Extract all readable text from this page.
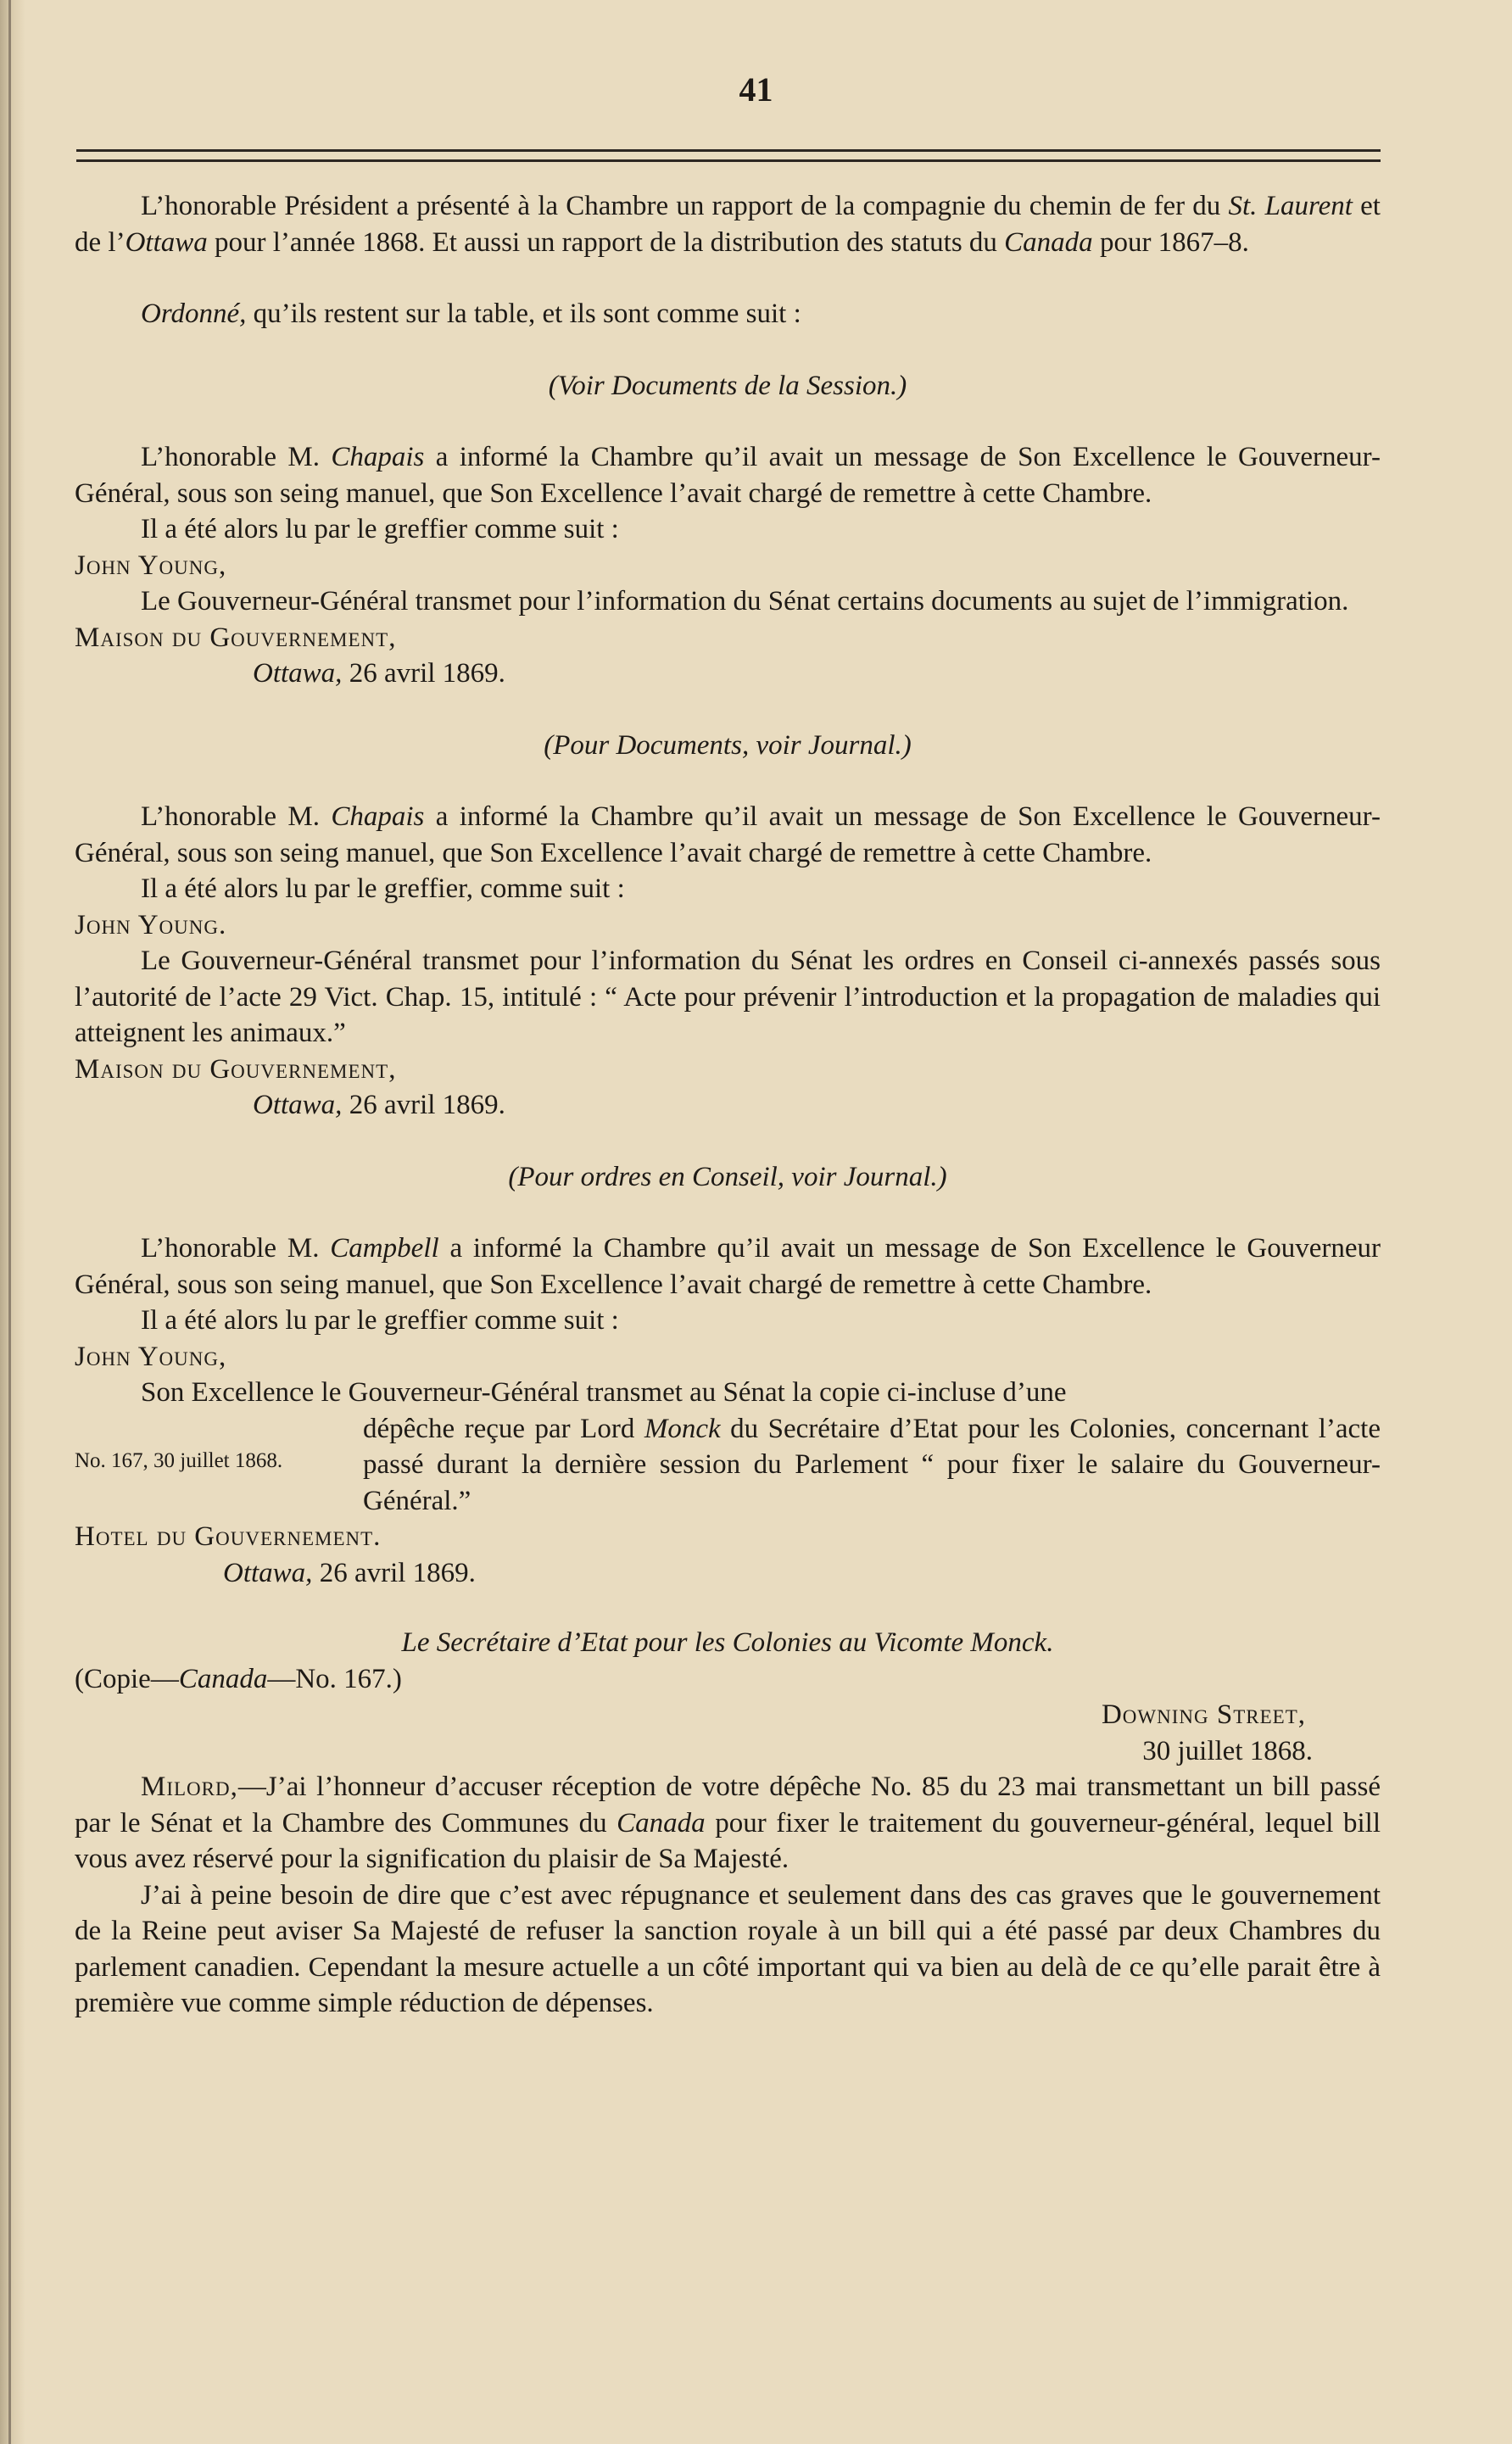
41

L’honorable Président a présenté à la Chambre un rapport de la compagnie du chemin de fer du St. Laurent et de l’Ottawa pour l’année 1868. Et aussi un rapport de la distribution des statuts du Canada pour 1867–8.

Ordonné, qu’ils restent sur la table, et ils sont comme suit :

(Voir Documents de la Session.)

L’honorable M. Chapais a informé la Chambre qu’il avait un message de Son Excellence le Gouverneur-Général, sous son seing manuel, que Son Excellence l’avait chargé de remettre à cette Chambre.

Il a été alors lu par le greffier comme suit :

John Young,

Le Gouverneur-Général transmet pour l’information du Sénat certains documents au sujet de l’immigration.

Maison du Gouvernement,

Ottawa, 26 avril 1869.

(Pour Documents, voir Journal.)

L’honorable M. Chapais a informé la Chambre qu’il avait un message de Son Excellence le Gouverneur-Général, sous son seing manuel, que Son Excellence l’avait chargé de remettre à cette Chambre.

Il a été alors lu par le greffier, comme suit :

John Young.

Le Gouverneur-Général transmet pour l’information du Sénat les ordres en Conseil ci-annexés passés sous l’autorité de l’acte 29 Vict. Chap. 15, intitulé : “ Acte pour prévenir l’introduction et la propagation de maladies qui atteignent les animaux.”

Maison du Gouvernement,

Ottawa, 26 avril 1869.

(Pour ordres en Conseil, voir Journal.)

L’honorable M. Campbell a informé la Chambre qu’il avait un message de Son Excellence le Gouverneur Général, sous son seing manuel, que Son Excellence l’avait chargé de remettre à cette Chambre.

Il a été alors lu par le greffier comme suit :

John Young,

Son Excellence le Gouverneur-Général transmet au Sénat la copie ci-incluse d’une

No. 167, 30 juillet 1868.

dépêche reçue par Lord Monck du Secrétaire d’Etat pour les Colonies, concernant l’acte passé durant la dernière session du Parlement “ pour fixer le salaire du Gouverneur-Général.”

Hotel du Gouvernement.

Ottawa, 26 avril 1869.

Le Secrétaire d’Etat pour les Colonies au Vicomte Monck.

(Copie—Canada—No. 167.)

Downing Street,

30 juillet 1868.

Milord,—J’ai l’honneur d’accuser réception de votre dépêche No. 85 du 23 mai transmettant un bill passé par le Sénat et la Chambre des Communes du Canada pour fixer le traitement du gouverneur-général, lequel bill vous avez réservé pour la signification du plaisir de Sa Majesté.

J’ai à peine besoin de dire que c’est avec répugnance et seulement dans des cas graves que le gouvernement de la Reine peut aviser Sa Majesté de refuser la sanction royale à un bill qui a été passé par deux Chambres du parlement canadien. Cependant la mesure actuelle a un côté important qui va bien au delà de ce qu’elle parait être à première vue comme simple réduction de dépenses.
